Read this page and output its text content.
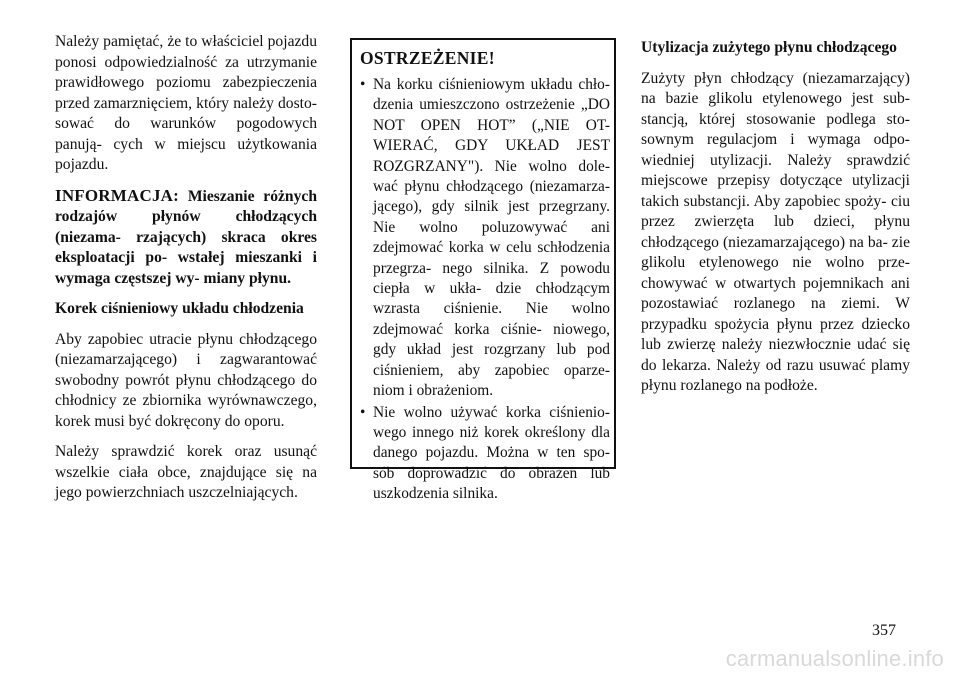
Należy pamiętać, że to właściciel pojazdu ponosi odpowiedzialność za utrzymanie prawidłowego poziomu zabezpieczenia przed zamarznięciem, który należy dosto- sować do warunków pogodowych panują- cych w miejscu użytkowania pojazdu.

INFORMACJA: Mieszanie różnych rodzajów płynów chłodzących (niezama- rzających) skraca okres eksploatacji po- wstałej mieszanki i wymaga częstszej wy- miany płynu.

Korek ciśnieniowy układu chłodzenia

Aby zapobiec utracie płynu chłodzącego (niezamarzającego) i zagwarantować swobodny powrót płynu chłodzącego do chłodnicy ze zbiornika wyrównawczego, korek musi być dokręcony do oporu.

Należy sprawdzić korek oraz usunąć wszelkie ciała obce, znajdujące się na jego powierzchniach uszczelniających.

OSTRZEŻENIE!
• Na korku ciśnieniowym układu chło- dzenia umieszczono ostrzeżenie „DO NOT OPEN HOT” („NIE OT- WIERAĆ, GDY UKŁAD JEST ROZGRZANY"). Nie wolno dole- wać płynu chłodzącego (niezamarza- jącego), gdy silnik jest przegrzany. Nie wolno poluzowywać ani zdejmować korka w celu schłodzenia przegrza- nego silnika. Z powodu ciepła w ukła- dzie chłodzącym wzrasta ciśnienie. Nie wolno zdejmować korka ciśnie- niowego, gdy układ jest rozgrzany lub pod ciśnieniem, aby zapobiec oparze- niom i obrażeniom.
• Nie wolno używać korka ciśnienio- wego innego niż korek określony dla danego pojazdu. Można w ten spo- sób doprowadzić do obrażeń lub uszkodzenia silnika.

Utylizacja zużytego płynu chłodzącego

Zużyty płyn chłodzący (niezamarzający) na bazie glikolu etylenowego jest sub- stancją, której stosowanie podlega sto- sownym regulacjom i wymaga odpo- wiedniej utylizacji. Należy sprawdzić miejscowe przepisy dotyczące utylizacji takich substancji. Aby zapobiec spoży- ciu przez zwierzęta lub dzieci, płynu chłodzącego (niezamarzającego) na ba- zie glikolu etylenowego nie wolno prze- chowywać w otwartych pojemnikach ani pozostawiać rozlanego na ziemi. W przypadku spożycia płynu przez dziecko lub zwierzę należy niezwłocznie udać się do lekarza. Należy od razu usuwać plamy płynu rozlanego na podłoże.

357
carmanualsonline.info
